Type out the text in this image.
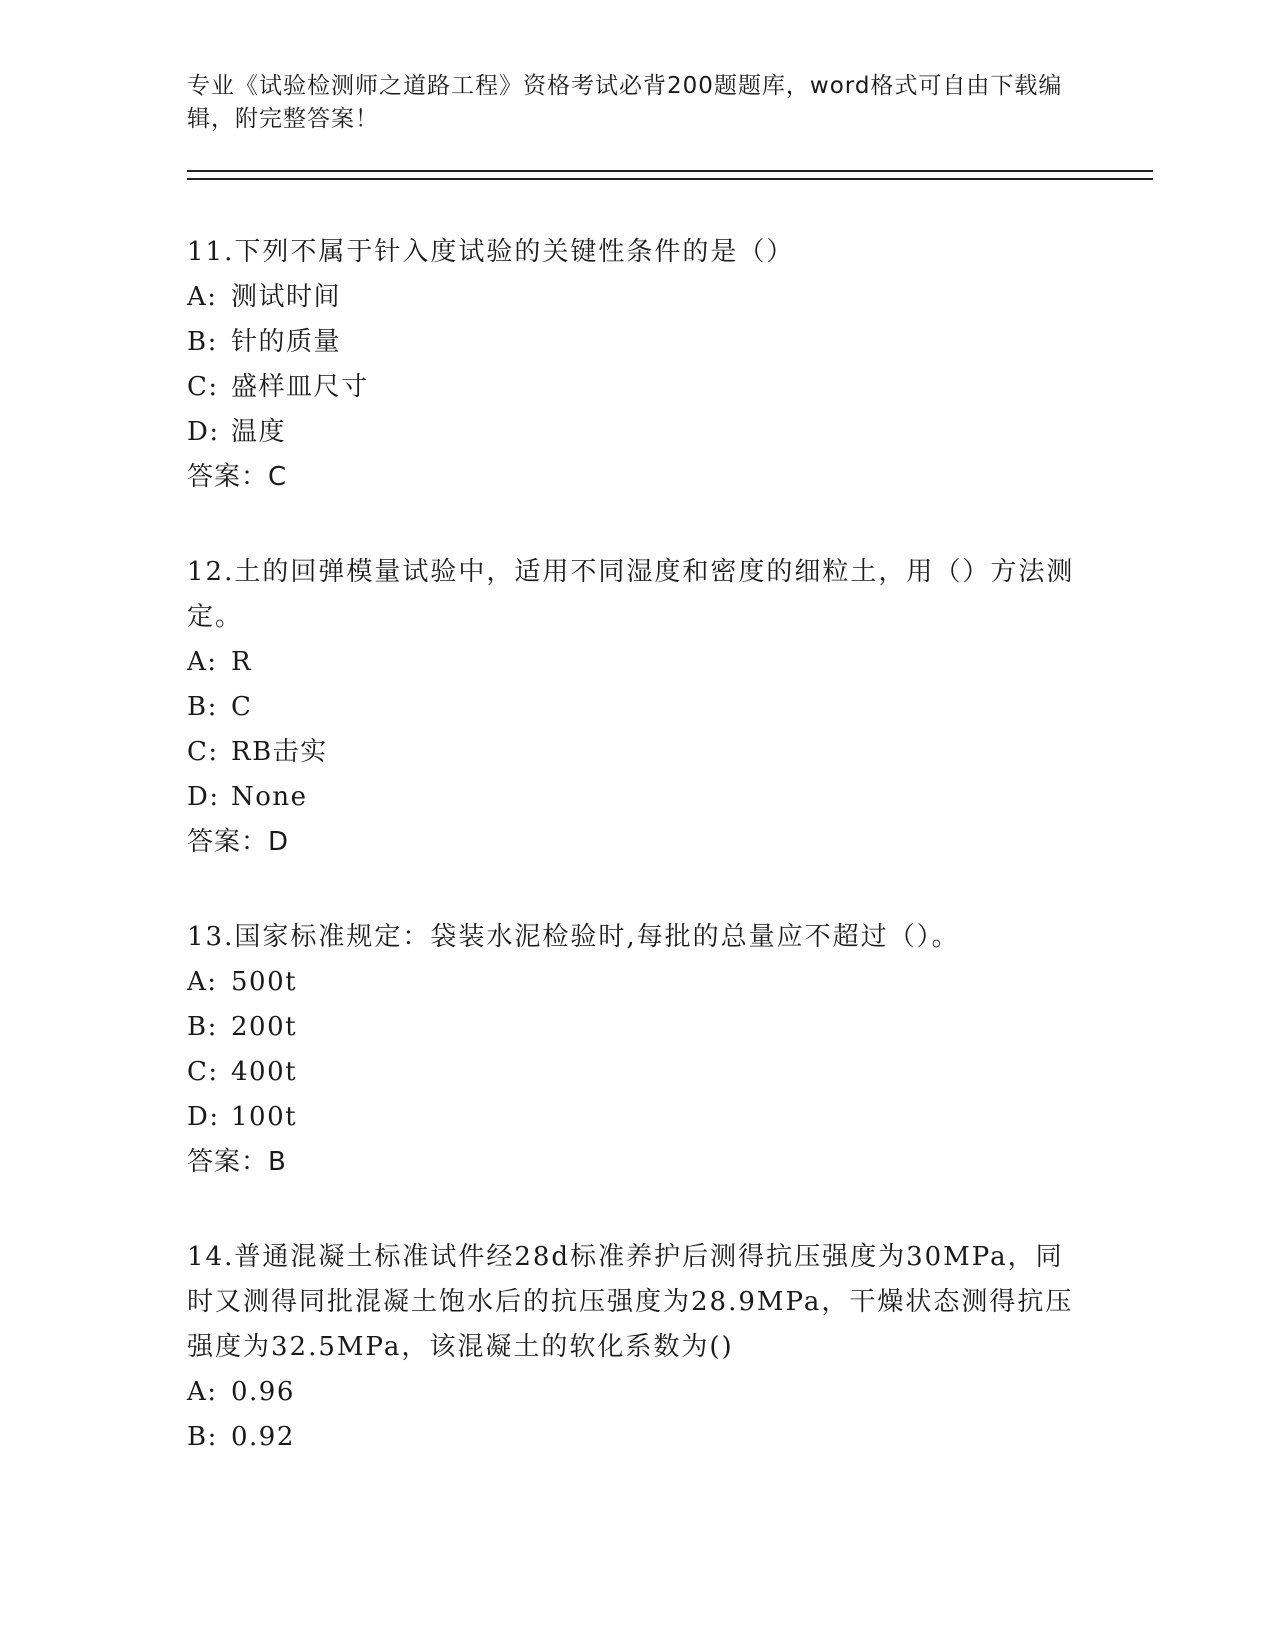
专业《试验检测师之道路工程》资格考试必背200题题库，word格式可自由下载编辑，附完整答案！

11.下列不属于针入度试验的关键性条件的是（）

A: 测试时间

B: 针的质量

C: 盛样皿尺寸

D: 温度

答案：C

12.土的回弹模量试验中，适用不同湿度和密度的细粒土，用（）方法测定。

A: R

B: C

C: RB击实

D: None

答案：D

13.国家标准规定：袋装水泥检验时,每批的总量应不超过（）。

A: 500t

B: 200t

C: 400t

D: 100t

答案：B

14.普通混凝土标准试件经28d标准养护后测得抗压强度为30MPa，同时又测得同批混凝土饱水后的抗压强度为28.9MPa，干燥状态测得抗压强度为32.5MPa，该混凝土的软化系数为()

A: 0.96

B: 0.92
